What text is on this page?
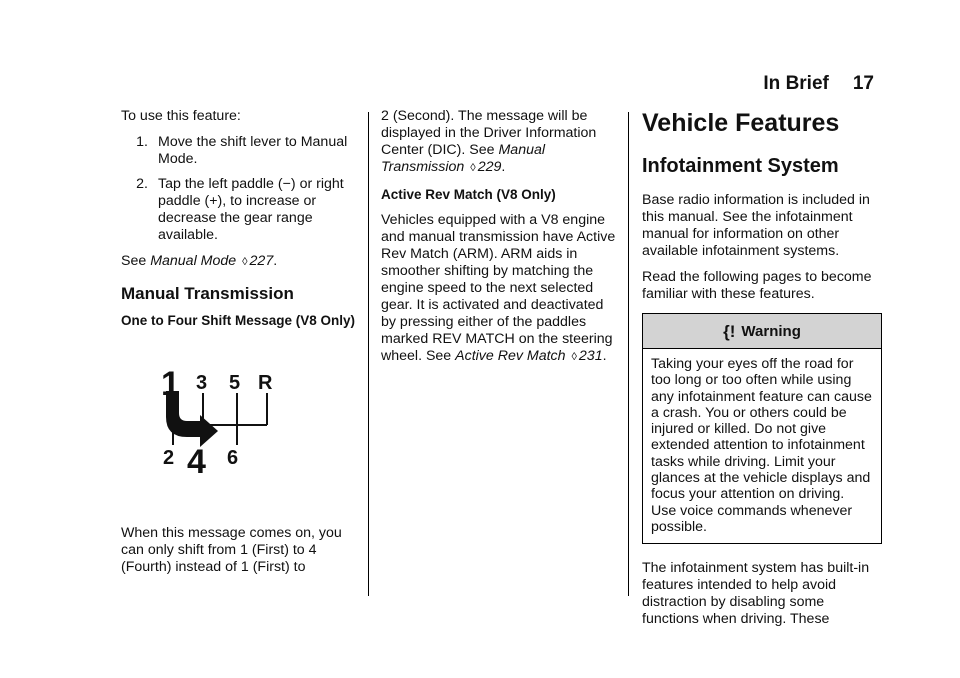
In Brief 17

To use this feature:

1. Move the shift lever to Manual Mode.
2. Tap the left paddle (−) or right paddle (+), to increase or decrease the gear range available.

See Manual Mode ◊ 227.

Manual Transmission
One to Four Shift Message (V8 Only)
1 3 5 R
2 4 6

When this message comes on, you can only shift from 1 (First) to 4 (Fourth) instead of 1 (First) to

2 (Second). The message will be displayed in the Driver Information Center (DIC). See Manual Transmission ◊ 229.

Active Rev Match (V8 Only)

Vehicles equipped with a V8 engine and manual transmission have Active Rev Match (ARM). ARM aids in smoother shifting by matching the engine speed to the next selected gear. It is activated and deactivated by pressing either of the paddles marked REV MATCH on the steering wheel. See Active Rev Match ◊ 231.

Vehicle Features
Infotainment System

Base radio information is included in this manual. See the infotainment manual for information on other available infotainment systems.

Read the following pages to become familiar with these features.

{! Warning
Taking your eyes off the road for too long or too often while using any infotainment feature can cause a crash. You or others could be injured or killed. Do not give extended attention to infotainment tasks while driving. Limit your glances at the vehicle displays and focus your attention on driving. Use voice commands whenever possible.

The infotainment system has built-in features intended to help avoid distraction by disabling some functions when driving. These
